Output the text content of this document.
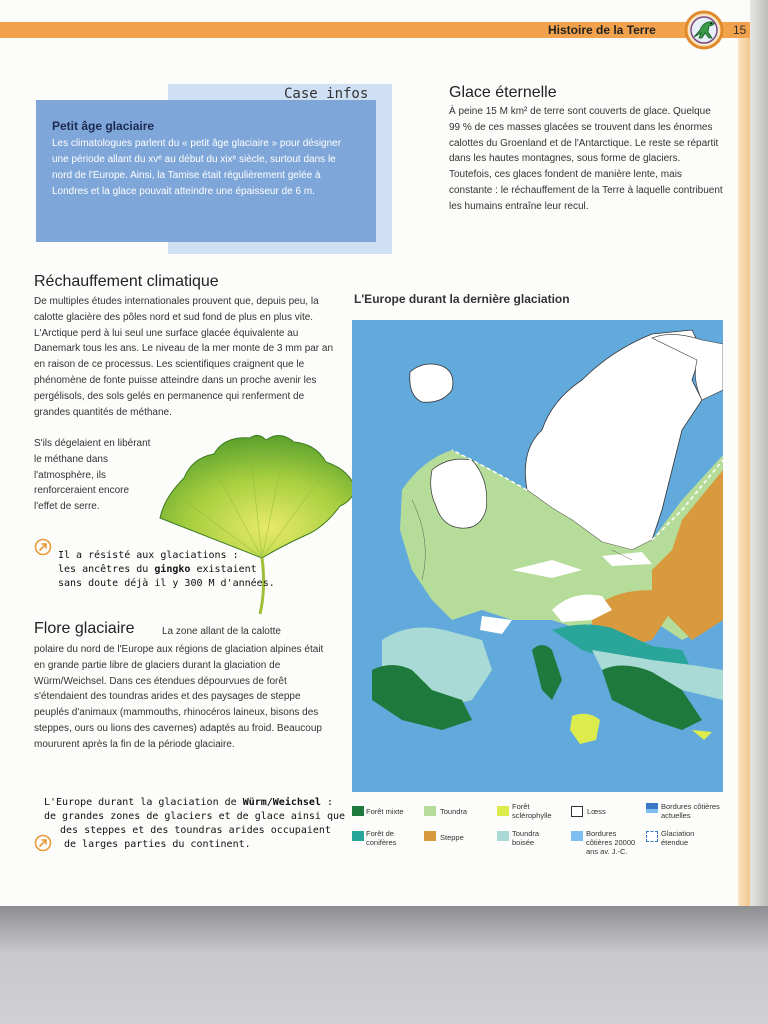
Histoire de la Terre	15
Case infos
Petit âge glaciaire
Les climatologues parlent du « petit âge glaciaire » pour désigner une période allant du xvᵉ au début du xixᵉ siècle, surtout dans le nord de l'Europe. Ainsi, la Tamise était régulièrement gelée à Londres et la glace pouvait atteindre une épaisseur de 6 m.
Glace éternelle
À peine 15 M km² de terre sont couverts de glace. Quelque 99 % de ces masses glacées se trouvent dans les énormes calottes du Groenland et de l'Antarctique. Le reste se répartit dans les hautes montagnes, sous forme de glaciers. Toutefois, ces glaces fondent de manière lente, mais constante : le réchauffement de la Terre à laquelle contribuent les humains entraîne leur recul.
Réchauffement climatique
De multiples études internationales prouvent que, depuis peu, la calotte glacière des pôles nord et sud fond de plus en plus vite. L'Arctique perd à lui seul une surface glacée équivalente au Danemark tous les ans. Le niveau de la mer monte de 3 mm par an en raison de ce processus. Les scientifiques craignent que le phénomène de fonte puisse atteindre dans un proche avenir les pergélisols, des sols gelés en permanence qui renferment de grandes quantités de méthane.
S'ils dégelaient en libérant le méthane dans l'atmosphère, ils renforceraient encore l'effet de serre.
Il a résisté aux glaciations :
les ancêtres du gingko existaient
sans doute déjà il y 300 M d'années.
Flore glaciaire	La zone allant de la calotte
polaire du nord de l'Europe aux régions de glaciation alpines était en grande partie libre de glaciers durant la glaciation de Würm/Weichsel. Dans ces étendues dépourvues de forêt s'étendaient des toundras arides et des paysages de steppe peuplés d'animaux (mammouths, rhinocéros laineux, bisons des steppes, ours ou lions des cavernes) adaptés au froid. Beaucoup moururent après la fin de la période glaciaire.
L'Europe durant la glaciation de Würm/Weichsel :
de grandes zones de glaciers et de glace ainsi que
des steppes et des toundras arides occupaient
de larges parties du continent.
L'Europe durant la dernière glaciation
Forêt mixte	Toundra
Forêt sclérophylle	Lœss
Bordures côtières actuelles
Forêt de conifères
Steppe	Toundra boisée
Bordures côtières 20000 ans av. J.-C.
Glaciation étendue
